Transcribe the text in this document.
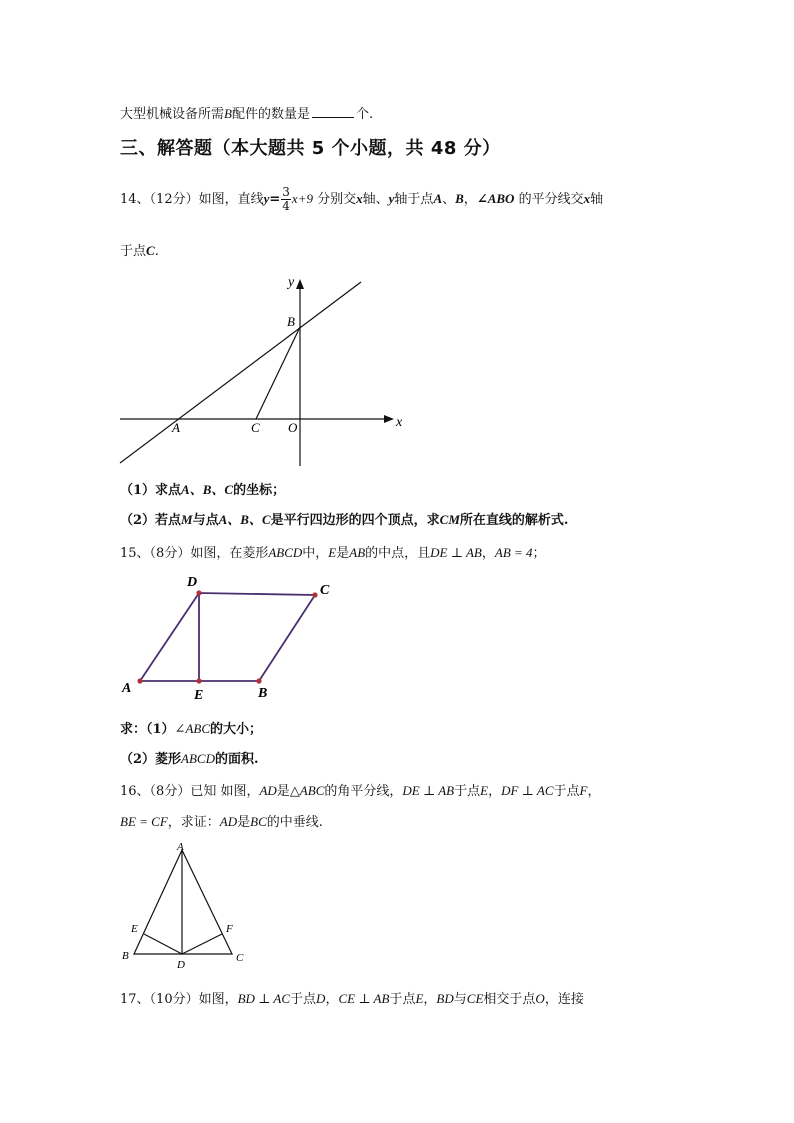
大型机械设备所需B配件的数量是	个.
三、解答题（本大题共 5 个小题，共 48 分）
14、（12分）如图，直线$y= \frac{3}{4} x+9$ 分别交x轴、y轴于点A、B，∠ABO 的平分线交x轴
于点C.
y
x
B
A	C O
（1）求点A、B、C的坐标；
（2）若点M与点A、B、C是平行四边形的四个顶点，求CM所在直线的解析式.
15、（8分）如图，在菱形ABCD中，E是AB的中点，且DE ⊥ AB，AB = 4；
D
C
A	E	B
求：（1）∠ABC的大小；
（2）菱形ABCD的面积.
16、（8分）已知 如图，AD是△ABC的角平分线，DE ⊥ AB于点E，DF ⊥ AC于点F，
BE = CF，求证：AD是BC的中垂线.
A
E	F
B
D
C
17、（10分）如图，BD ⊥ AC于点D，CE ⊥ AB于点E，BD与CE相交于点O，连接
